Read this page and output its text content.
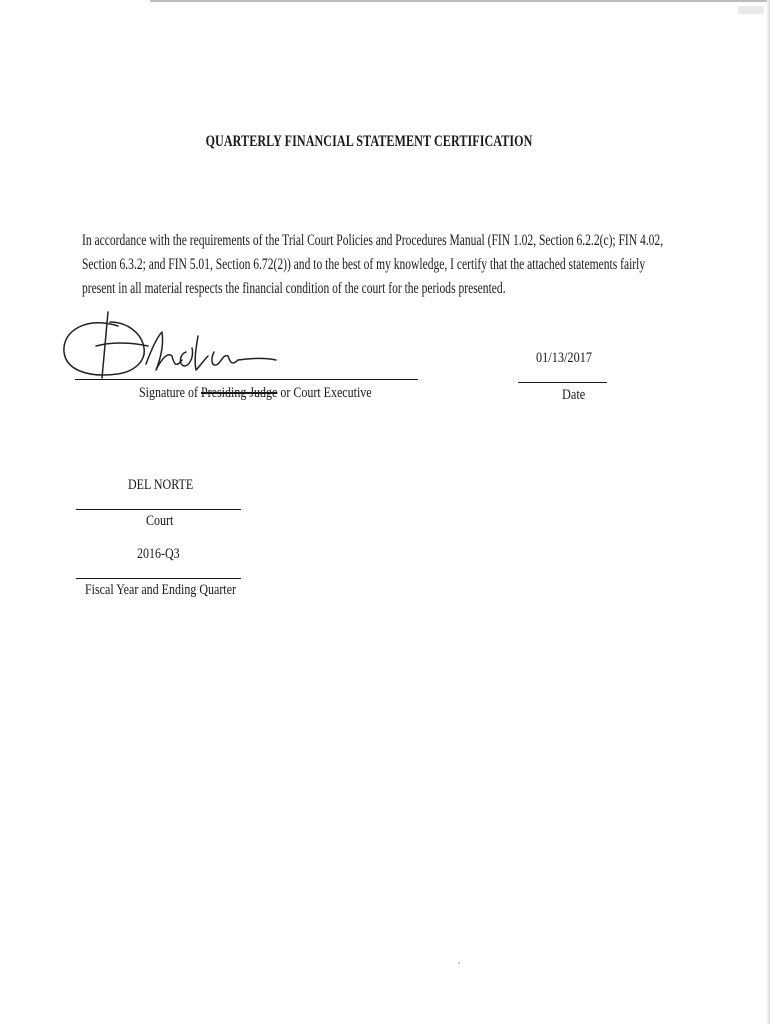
QUARTERLY FINANCIAL STATEMENT CERTIFICATION
In accordance with the requirements of the Trial Court Policies and Procedures Manual (FIN 1.02, Section 6.2.2(c); FIN 4.02,
Section 6.3.2; and FIN 5.01, Section 6.72(2)) and to the best of my knowledge, I certify that the attached statements fairly
present in all material respects the financial condition of the court for the periods presented.
Signature of Presiding Judge or Court Executive
01/13/2017
Date
DEL NORTE
Court
2016-Q3
Fiscal Year and Ending Quarter
